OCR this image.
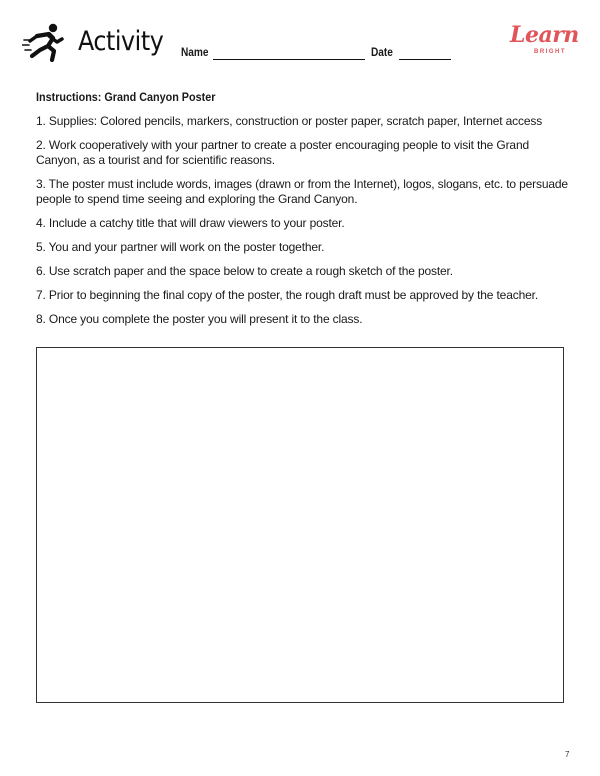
Activity Name	Date
Learn
BRIGHT
Instructions: Grand Canyon Poster

1. Supplies: Colored pencils, markers, construction or poster paper, scratch paper, Internet access

2. Work cooperatively with your partner to create a poster encouraging people to visit the Grand Canyon, as a tourist and for scientific reasons.

3. The poster must include words, images (drawn or from the Internet), logos, slogans, etc. to persuade people to spend time seeing and exploring the Grand Canyon.

4. Include a catchy title that will draw viewers to your poster.

5. You and your partner will work on the poster together.

6. Use scratch paper and the space below to create a rough sketch of the poster.

7. Prior to beginning the final copy of the poster, the rough draft must be approved by the teacher.

8. Once you complete the poster you will present it to the class.

7
